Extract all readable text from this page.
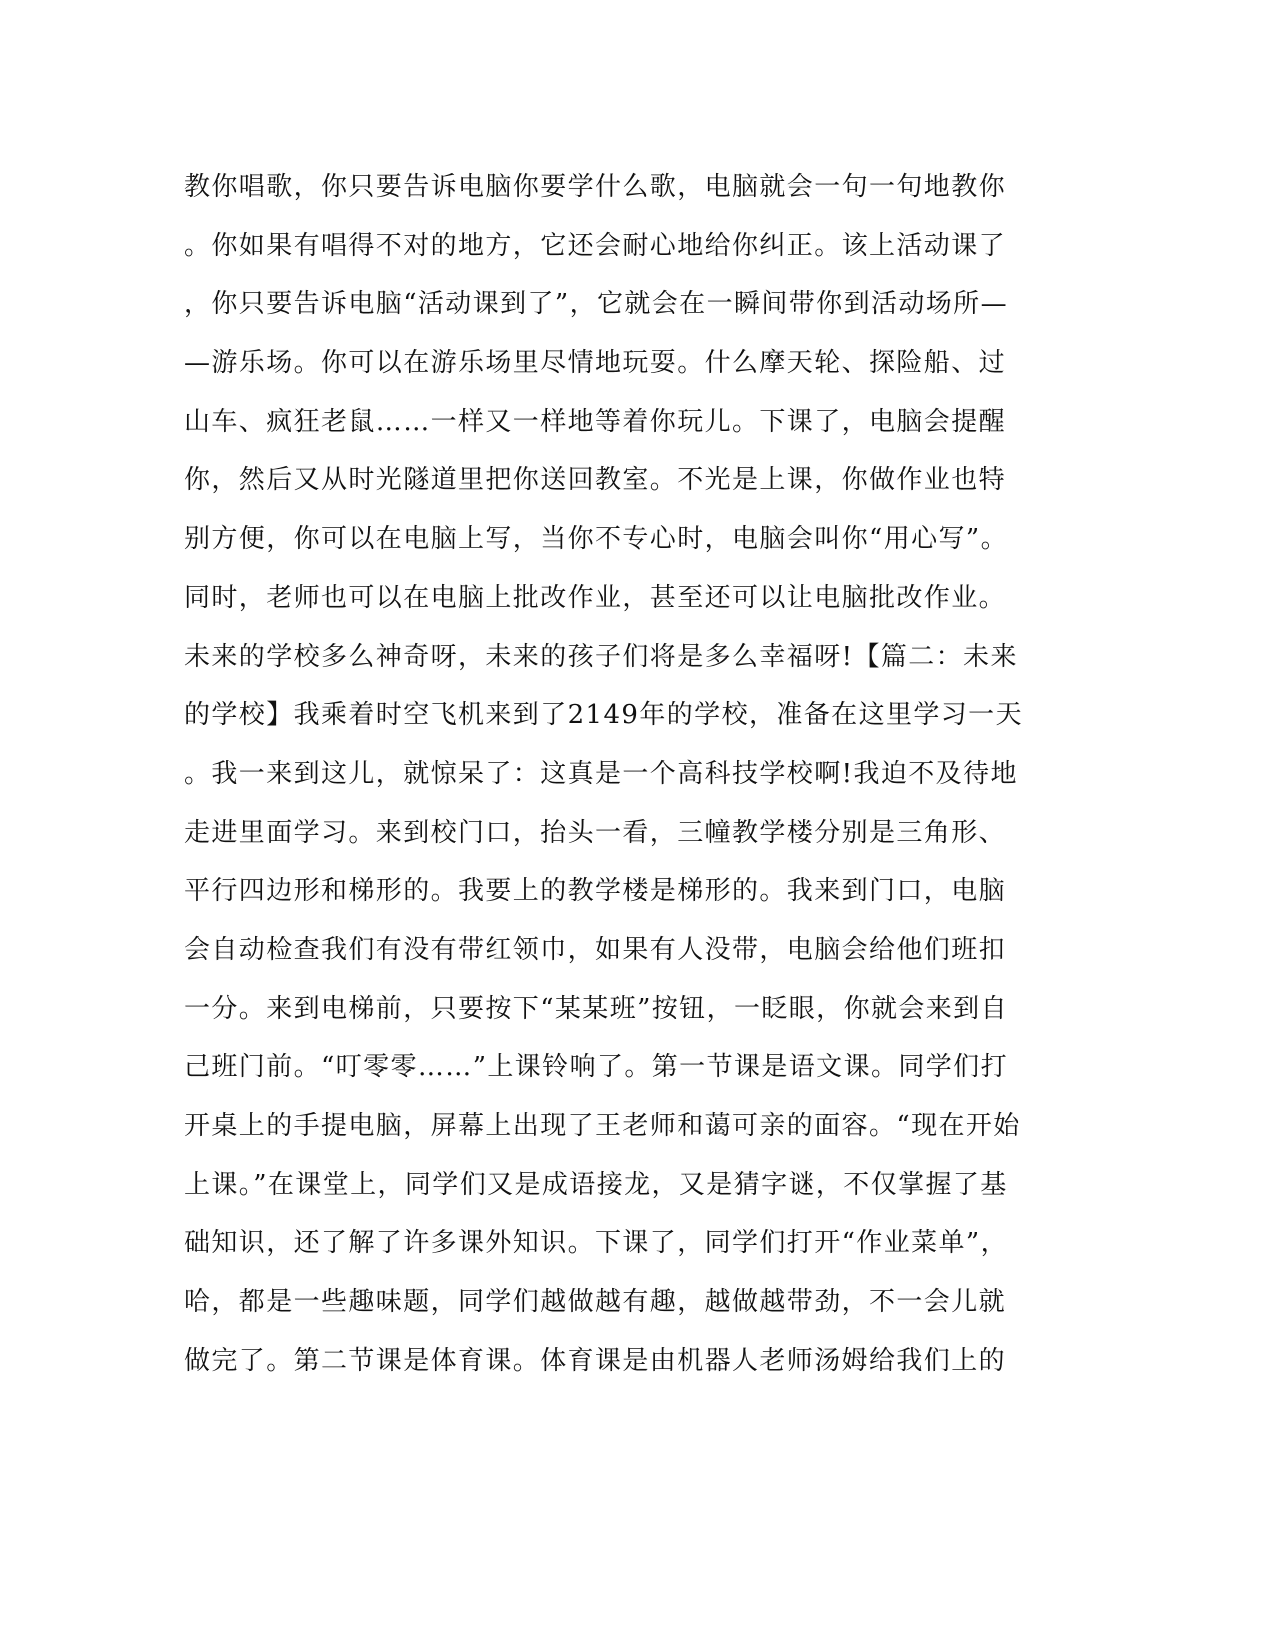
教你唱歌，你只要告诉电脑你要学什么歌，电脑就会一句一句地教你
。你如果有唱得不对的地方，它还会耐心地给你纠正。该上活动课了
，你只要告诉电脑“活动课到了”，它就会在一瞬间带你到活动场所—
—游乐场。你可以在游乐场里尽情地玩耍。什么摩天轮、探险船、过
山车、疯狂老鼠……一样又一样地等着你玩儿。下课了，电脑会提醒
你，然后又从时光隧道里把你送回教室。不光是上课，你做作业也特
别方便，你可以在电脑上写，当你不专心时，电脑会叫你“用心写”。
同时，老师也可以在电脑上批改作业，甚至还可以让电脑批改作业。
未来的学校多么神奇呀，未来的孩子们将是多么幸福呀!【篇二：未来
的学校】我乘着时空飞机来到了2149年的学校，准备在这里学习一天
。我一来到这儿，就惊呆了：这真是一个高科技学校啊!我迫不及待地
走进里面学习。来到校门口，抬头一看，三幢教学楼分别是三角形、
平行四边形和梯形的。我要上的教学楼是梯形的。我来到门口，电脑
会自动检查我们有没有带红领巾，如果有人没带，电脑会给他们班扣
一分。来到电梯前，只要按下“某某班”按钮，一眨眼，你就会来到自
己班门前。“叮零零……”上课铃响了。第一节课是语文课。同学们打
开桌上的手提电脑，屏幕上出现了王老师和蔼可亲的面容。“现在开始
上课。”在课堂上，同学们又是成语接龙，又是猜字谜，不仅掌握了基
础知识，还了解了许多课外知识。下课了，同学们打开“作业菜单”，
哈，都是一些趣味题，同学们越做越有趣，越做越带劲，不一会儿就
做完了。第二节课是体育课。体育课是由机器人老师汤姆给我们上的
